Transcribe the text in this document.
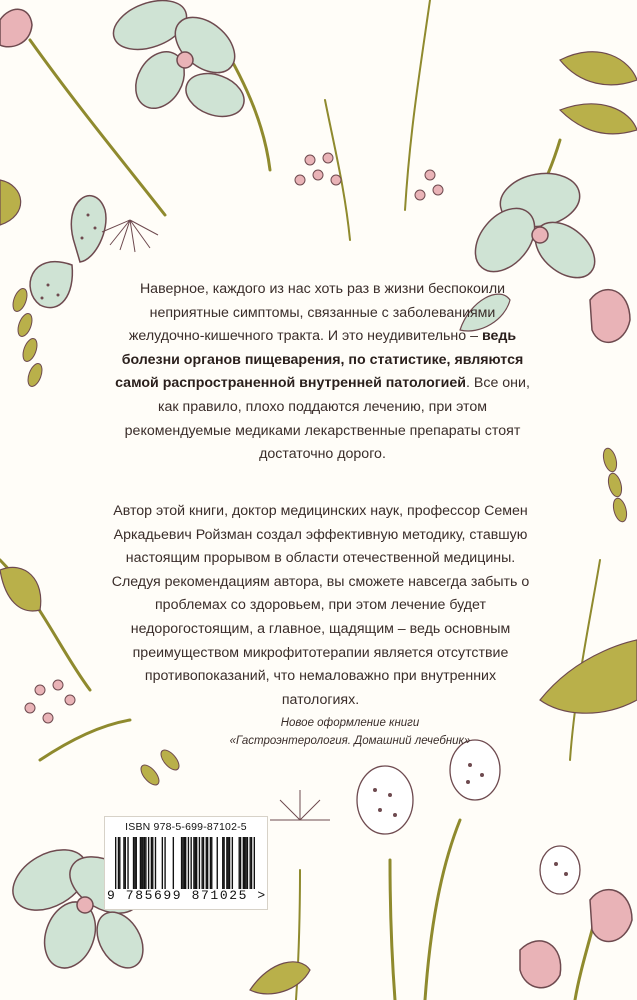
Наверное, каждого из нас хоть раз в жизни беспокоили неприятные симптомы, связанные с заболеваниями желудочно-кишечного тракта. И это неудивительно – ведь болезни органов пищеварения, по статистике, являются самой распространенной внутренней патологией. Все они, как правило, плохо поддаются лечению, при этом рекомендуемые медиками лекарственные препараты стоят достаточно дорого.
Автор этой книги, доктор медицинских наук, профессор Семен Аркадьевич Ройзман создал эффективную методику, ставшую настоящим прорывом в области отечественной медицины. Следуя рекомендациям автора, вы сможете навсегда забыть о проблемах со здоровьем, при этом лечение будет недорогостоящим, а главное, щадящим – ведь основным преимуществом микрофитотерапии является отсутствие противопоказаний, что немаловажно при внутренних патологиях.
Новое оформление книги
«Гастроэнтерология. Домашний лечебник»
ISBN 978-5-699-87102-5
9 785699 871025 >
